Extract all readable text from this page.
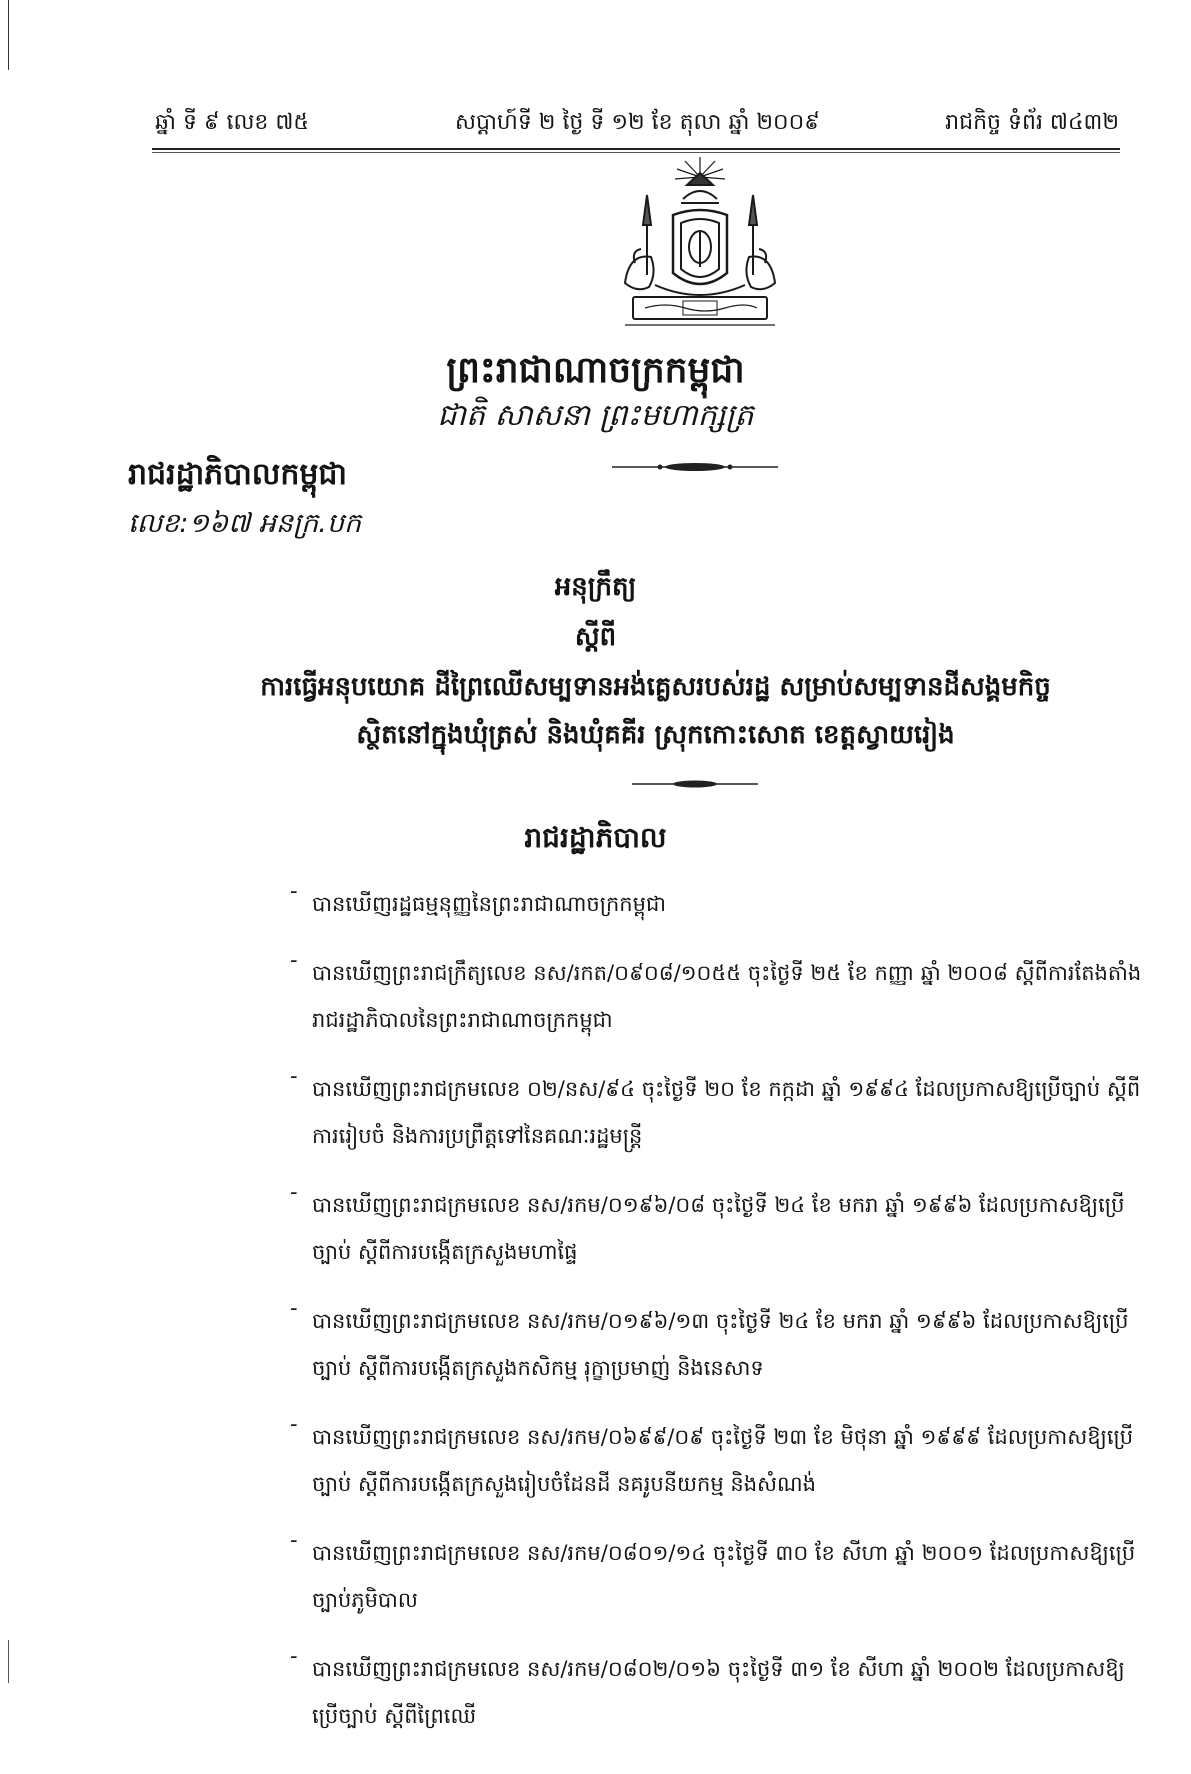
ឆ្នាំ ទី ៩ លេខ ៧៥	សប្តាហ៍ទី ២ ថ្ងៃ ទី ១២ ខែ តុលា ឆ្នាំ ២០០៩	រាជកិច្ច ទំព័រ ៧៤៣២
ព្រះរាជាណាចក្រកម្ពុជា
ជាតិ សាសនា ព្រះមហាក្សត្រ
រាជរដ្ឋាភិបាលកម្ពុជា
លេខ:១៦៧ អនក្រ.បក
អនុក្រឹត្យ
ស្តីពី
ការធ្វើអនុបយោគ ដីព្រៃឈើសម្បទានអង់គ្លេសរបស់រដ្ឋ សម្រាប់សម្បទានដីសង្គមកិច្ច
ស្ថិតនៅក្នុងឃុំត្រស់ និងឃុំគគីរ ស្រុកកោះសោត ខេត្តស្វាយរៀង
រាជរដ្ឋាភិបាល
-
បានឃើញរដ្ឋធម្មនុញ្ញនៃព្រះរាជាណាចក្រកម្ពុជា
-
បានឃើញព្រះរាជក្រឹត្យលេខ នស/រកត/០៩០៨/១០៥៥ ចុះថ្ងៃទី ២៥ ខែ កញ្ញា ឆ្នាំ ២០០៨ ស្តីពីការតែងតាំងរាជរដ្ឋាភិបាលនៃព្រះរាជាណាចក្រកម្ពុជា
-
បានឃើញព្រះរាជក្រមលេខ ០២/នស/៩៤ ចុះថ្ងៃទី ២០ ខែ កក្កដា ឆ្នាំ ១៩៩៤ ដែលប្រកាសឱ្យប្រើច្បាប់ ស្តីពីការរៀបចំ និងការប្រព្រឹត្តទៅនៃគណៈរដ្ឋមន្ត្រី
-
បានឃើញព្រះរាជក្រមលេខ នស/រកម/០១៩៦/០៨ ចុះថ្ងៃទី ២៤ ខែ មករា ឆ្នាំ ១៩៩៦ ដែលប្រកាសឱ្យប្រើច្បាប់ ស្តីពីការបង្កើតក្រសួងមហាផ្ទៃ
-
បានឃើញព្រះរាជក្រមលេខ នស/រកម/០១៩៦/១៣ ចុះថ្ងៃទី ២៤ ខែ មករា ឆ្នាំ ១៩៩៦ ដែលប្រកាសឱ្យប្រើច្បាប់ ស្តីពីការបង្កើតក្រសួងកសិកម្ម រុក្ខាប្រមាញ់ និងនេសាទ
-
បានឃើញព្រះរាជក្រមលេខ នស/រកម/០៦៩៩/០៩ ចុះថ្ងៃទី ២៣ ខែ មិថុនា ឆ្នាំ ១៩៩៩ ដែលប្រកាសឱ្យប្រើច្បាប់ ស្តីពីការបង្កើតក្រសួងរៀបចំដែនដី នគរូបនីយកម្ម និងសំណង់
-
បានឃើញព្រះរាជក្រមលេខ នស/រកម/០៨០១/១៤ ចុះថ្ងៃទី ៣០ ខែ សីហា ឆ្នាំ ២០០១ ដែលប្រកាសឱ្យប្រើច្បាប់ភូមិបាល
-
បានឃើញព្រះរាជក្រមលេខ នស/រកម/០៨០២/០១៦ ចុះថ្ងៃទី ៣១ ខែ សីហា ឆ្នាំ ២០០២ ដែលប្រកាសឱ្យប្រើច្បាប់ ស្តីពីព្រៃឈើ
